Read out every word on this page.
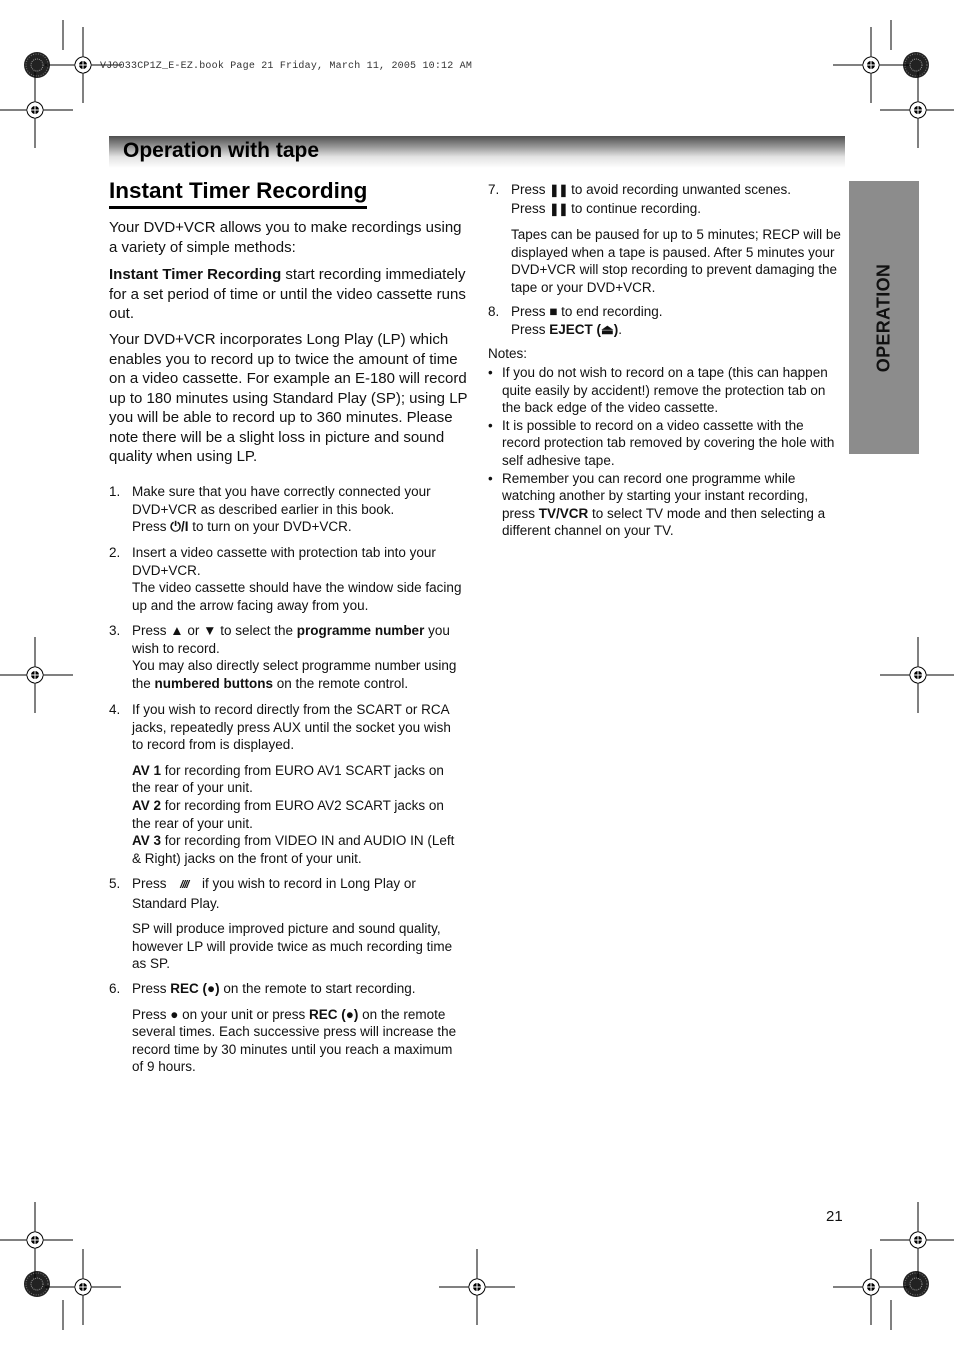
VJ9033CP1Z_E-EZ.book Page 21 Friday, March 11, 2005 10:12 AM
Operation with tape
OPERATION
Instant Timer Recording
Your DVD+VCR allows you to make recordings using a variety of simple methods:
Instant Timer Recording start recording immediately for a set period of time or until the video cassette runs out.
Your DVD+VCR incorporates Long Play (LP) which enables you to record up to twice the amount of time on a video cassette. For example an E-180 will record up to 180 minutes using Standard Play (SP); using LP you will be able to record up to 360 minutes. Please note there will be a slight loss in picture and sound quality when using LP.
1. Make sure that you have correctly connected your DVD+VCR as described earlier in this book.

Press ⏻/I to turn on your DVD+VCR.

2. Insert a video cassette with protection tab into your DVD+VCR.

The video cassette should have the window side facing up and the arrow facing away from you.

3. Press ▲ or ▼ to select the programme number you wish to record.

You may also directly select programme number using the numbered buttons on the remote control.

4. If you wish to record directly from the SCART or RCA jacks, repeatedly press AUX until the socket you wish to record from is displayed.

AV 1 for recording from EURO AV1 SCART jacks on the rear of your unit.

AV 2 for recording from EURO AV2 SCART jacks on the rear of your unit.

AV 3 for recording from VIDEO IN and AUDIO IN (Left & Right) jacks on the front of your unit.

5. Press //// if you wish to record in Long Play or Standard Play.

SP will produce improved picture and sound quality, however LP will provide twice as much recording time as SP.

6. Press REC (●) on the remote to start recording.

Press ● on your unit or press REC (●) on the remote several times. Each successive press will increase the record time by 30 minutes until you reach a maximum of 9 hours.

7. Press ❚❚ to avoid recording unwanted scenes.

Press ❚❚ to continue recording.

Tapes can be paused for up to 5 minutes; RECP will be displayed when a tape is paused. After 5 minutes your DVD+VCR will stop recording to prevent damaging the tape or your DVD+VCR.

8. Press ■ to end recording.

Press EJECT (⏏).

Notes:
• If you do not wish to record on a tape (this can happen quite easily by accident!) remove the protection tab on the back edge of the video cassette.
• It is possible to record on a video cassette with the record protection tab removed by covering the hole with self adhesive tape.
• Remember you can record one programme while watching another by starting your instant recording, press TV/VCR to select TV mode and then selecting a different channel on your TV.
21
